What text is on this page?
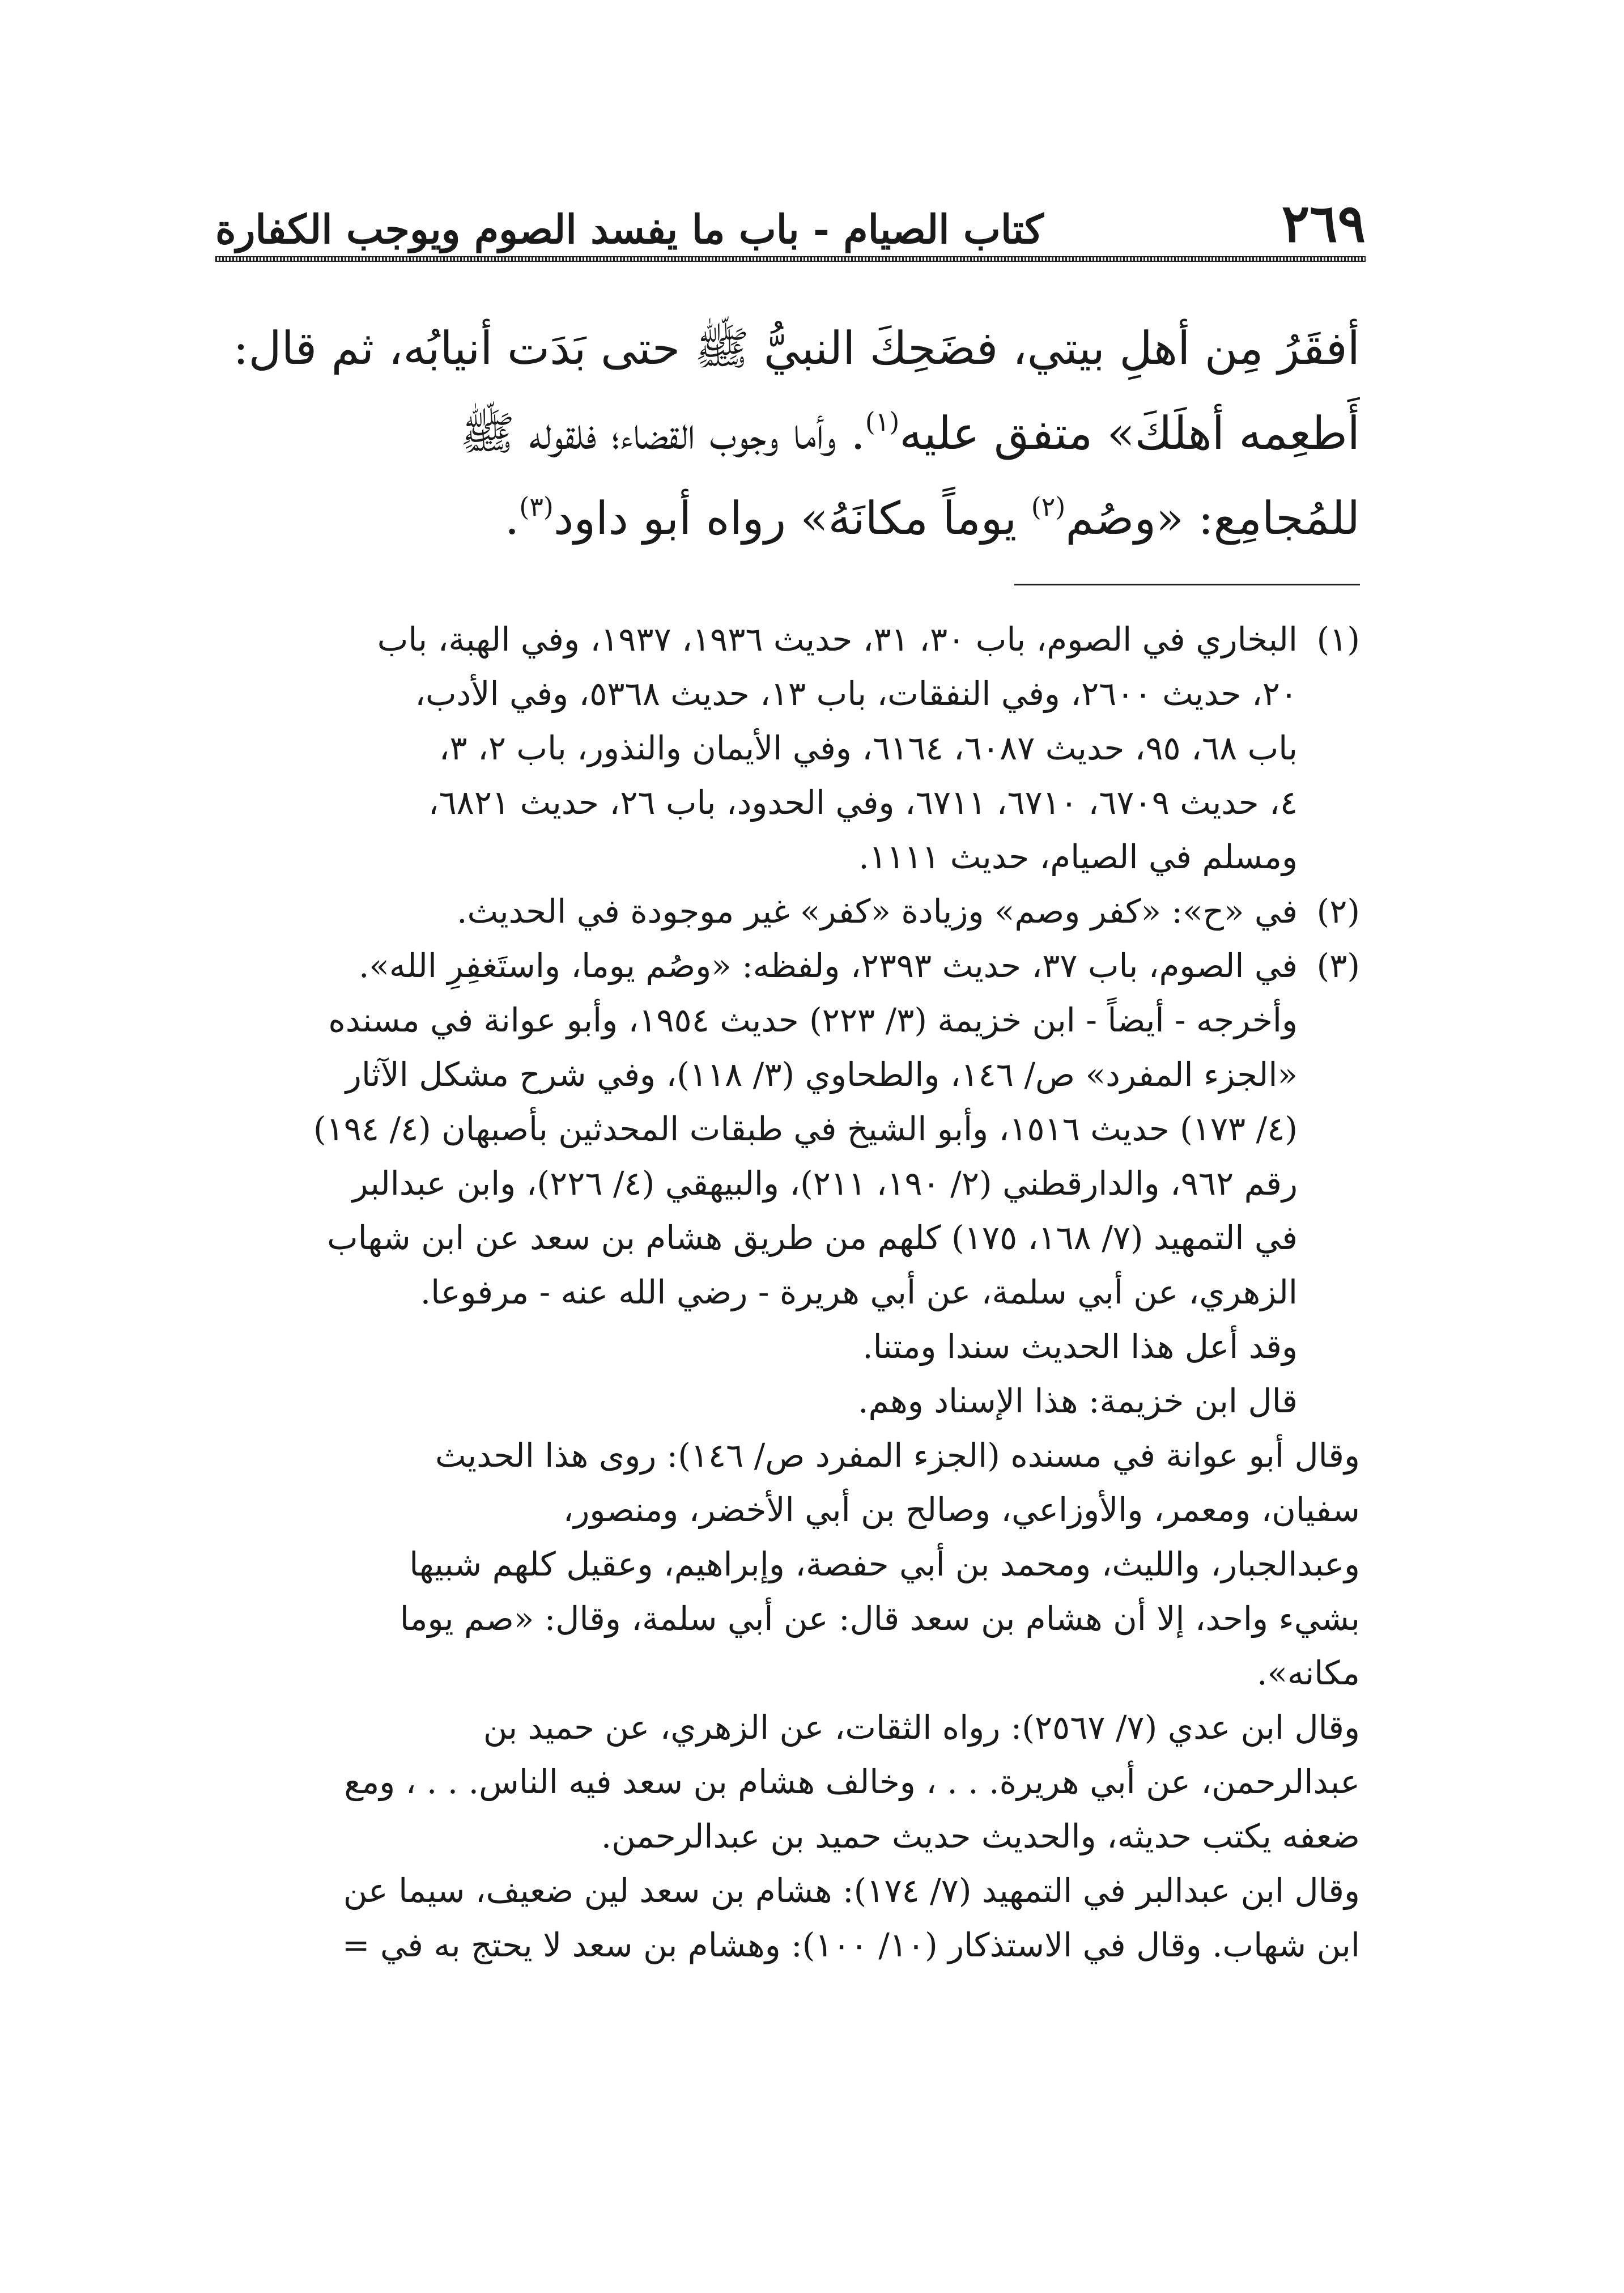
٢٦٩
كتاب الصيام - باب ما يفسد الصوم ويوجب الكفارة
أفقَرُ مِن أهلِ بيتي، فضَحِكَ النبيُّ ﷺ حتى بَدَت أنيابُه، ثم قال:
أَطعِمه أهلَكَ» متفق عليه$^{(١)}$. وأما وجوب القضاء؛ فلقوله ﷺ
للمُجامِع: «وصُم$^{(٢)}$ يوماً مكانَهُ» رواه أبو داود$^{(٣)}$.
(١)
البخاري في الصوم، باب ٣٠، ٣١، حديث ١٩٣٦، ١٩٣٧، وفي الهبة، باب
٢٠، حديث ٢٦٠٠، وفي النفقات، باب ١٣، حديث ٥٣٦٨، وفي الأدب،
باب ٦٨، ٩٥، حديث ٦٠٨٧، ٦١٦٤، وفي الأيمان والنذور، باب ٢، ٣،
٤، حديث ٦٧٠٩، ٦٧١٠، ٦٧١١، وفي الحدود، باب ٢٦، حديث ٦٨٢١،
ومسلم في الصيام، حديث ١١١١.
(٢)
في «ح»: «كفر وصم» وزيادة «كفر» غير موجودة في الحديث.
(٣)
في الصوم، باب ٣٧، حديث ٢٣٩٣، ولفظه: «وصُم يوما، واستَغفِرِ الله».
وأخرجه - أيضاً - ابن خزيمة (٣/ ٢٢٣) حديث ١٩٥٤، وأبو عوانة في مسنده
«الجزء المفرد» ص/ ١٤٦، والطحاوي (٣/ ١١٨)، وفي شرح مشكل الآثار
(٤/ ١٧٣) حديث ١٥١٦، وأبو الشيخ في طبقات المحدثين بأصبهان (٤/ ١٩٤)
رقم ٩٦٢، والدارقطني (٢/ ١٩٠، ٢١١)، والبيهقي (٤/ ٢٢٦)، وابن عبدالبر
في التمهيد (٧/ ١٦٨، ١٧٥) كلهم من طريق هشام بن سعد عن ابن شهاب
الزهري، عن أبي سلمة، عن أبي هريرة - رضي الله عنه - مرفوعا.
وقد أعل هذا الحديث سندا ومتنا.
قال ابن خزيمة: هذا الإسناد وهم.
وقال أبو عوانة في مسنده (الجزء المفرد ص/ ١٤٦): روى هذا الحديث
سفيان، ومعمر، والأوزاعي، وصالح بن أبي الأخضر، ومنصور،
وعبدالجبار، والليث، ومحمد بن أبي حفصة، وإبراهيم، وعقيل كلهم شبيها
بشيء واحد، إلا أن هشام بن سعد قال: عن أبي سلمة، وقال: «صم يوما
مكانه».
وقال ابن عدي (٧/ ٢٥٦٧): رواه الثقات، عن الزهري، عن حميد بن
عبدالرحمن، عن أبي هريرة. . . ، وخالف هشام بن سعد فيه الناس. . . ، ومع
ضعفه يكتب حديثه، والحديث حديث حميد بن عبدالرحمن.
وقال ابن عبدالبر في التمهيد (٧/ ١٧٤): هشام بن سعد لين ضعيف، سيما عن
ابن شهاب. وقال في الاستذكار (١٠/ ١٠٠): وهشام بن سعد لا يحتج به في =
